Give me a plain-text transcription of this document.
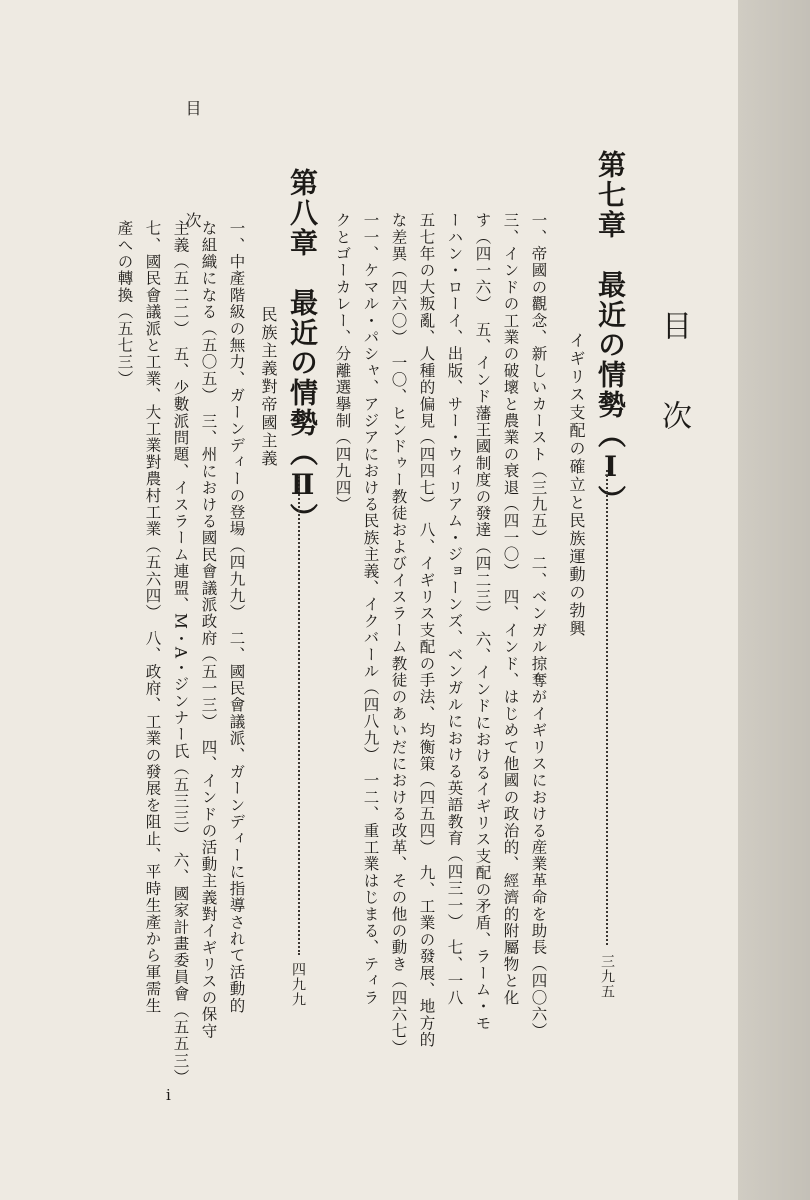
目　次
目次
第七章　最近の情勢（Ⅰ）
三九五
イギリス支配の確立と民族運動の勃興
一、帝國の觀念、新しいカースト（三九五）　二、ベンガル掠奪がイギリスにおける産業革命を助長（四〇六）
三、インドの工業の破壞と農業の衰退（四一〇）　四、インド、はじめて他國の政治的、經濟的附屬物と化
す（四一六）　五、インド藩王國制度の發達（四二三）　六、インドにおけるイギリス支配の矛盾、ラーム・モ
ーハン・ローイ、出版、サー・ウィリアム・ジョーンズ、ベンガルにおける英語教育（四三一）　七、一八
五七年の大叛亂、人種的偏見（四四七）　八、イギリス支配の手法、均衡策（四五四）　九、工業の發展、地方的
な差異（四六〇）　一〇、ヒンドゥー教徒およびイスラーム教徒のあいだにおける改革、その他の動き（四六七）
一一、ケマル・パシャ、アジアにおける民族主義、イクバール（四八九）　一二、重工業はじまる、ティラ
クとゴーカレー、分離選擧制（四九四）
第八章　最近の情勢（Ⅱ）
四九九
民族主義對帝國主義
一、中產階級の無力、ガーンディーの登場（四九九）　二、國民會議派、ガーンディーに指導されて活動的
な組織になる（五〇五）　三、州における國民會議派政府（五一三）　四、インドの活動主義對イギリスの保守
主義（五二二）　五、少數派問題、イスラーム連盟、M・A・ジンナー氏（五三三）　六、國家計畫委員會（五五三）
七、國民會議派と工業、大工業對農村工業（五六四）　八、政府、工業の發展を阻止、平時生產から軍需生
產への轉換（五七三）
i
